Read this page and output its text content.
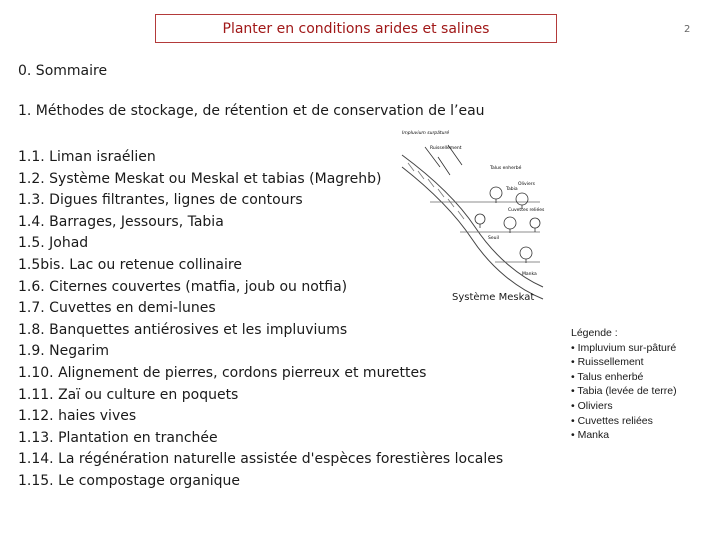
Planter en conditions arides et salines	2
0. Sommaire
1. Méthodes de stockage, de rétention et de conservation de l’eau
1.1. Liman israélien
1.2. Système Meskat ou Meskal et tabias (Magrehb)
1.3. Digues filtrantes, lignes de contours
1.4. Barrages, Jessours, Tabia
1.5. Johad
1.5bis. Lac ou retenue collinaire
1.6. Citernes couvertes (matfia, joub ou notfia)
1.7. Cuvettes en demi-lunes
1.8. Banquettes antiérosives et les impluviums
1.9. Negarim
1.10. Alignement de pierres, cordons pierreux et murettes
1.11. Zaï ou culture en poquets
1.12. haies vives
1.13. Plantation en tranchée
1.14. La régénération naturelle assistée d'espèces forestières locales
1.15. Le compostage organique
Impluvium surpâturé
Ruissellement
Talus enherbé
Tabia
Oliviers
Cuvettes reliées
Seuil
Manka
Système Meskat
Légende :
• Impluvium sur-pâturé
• Ruissellement
• Talus enherbé
• Tabia (levée de terre)
• Oliviers
• Cuvettes reliées
• Manka
